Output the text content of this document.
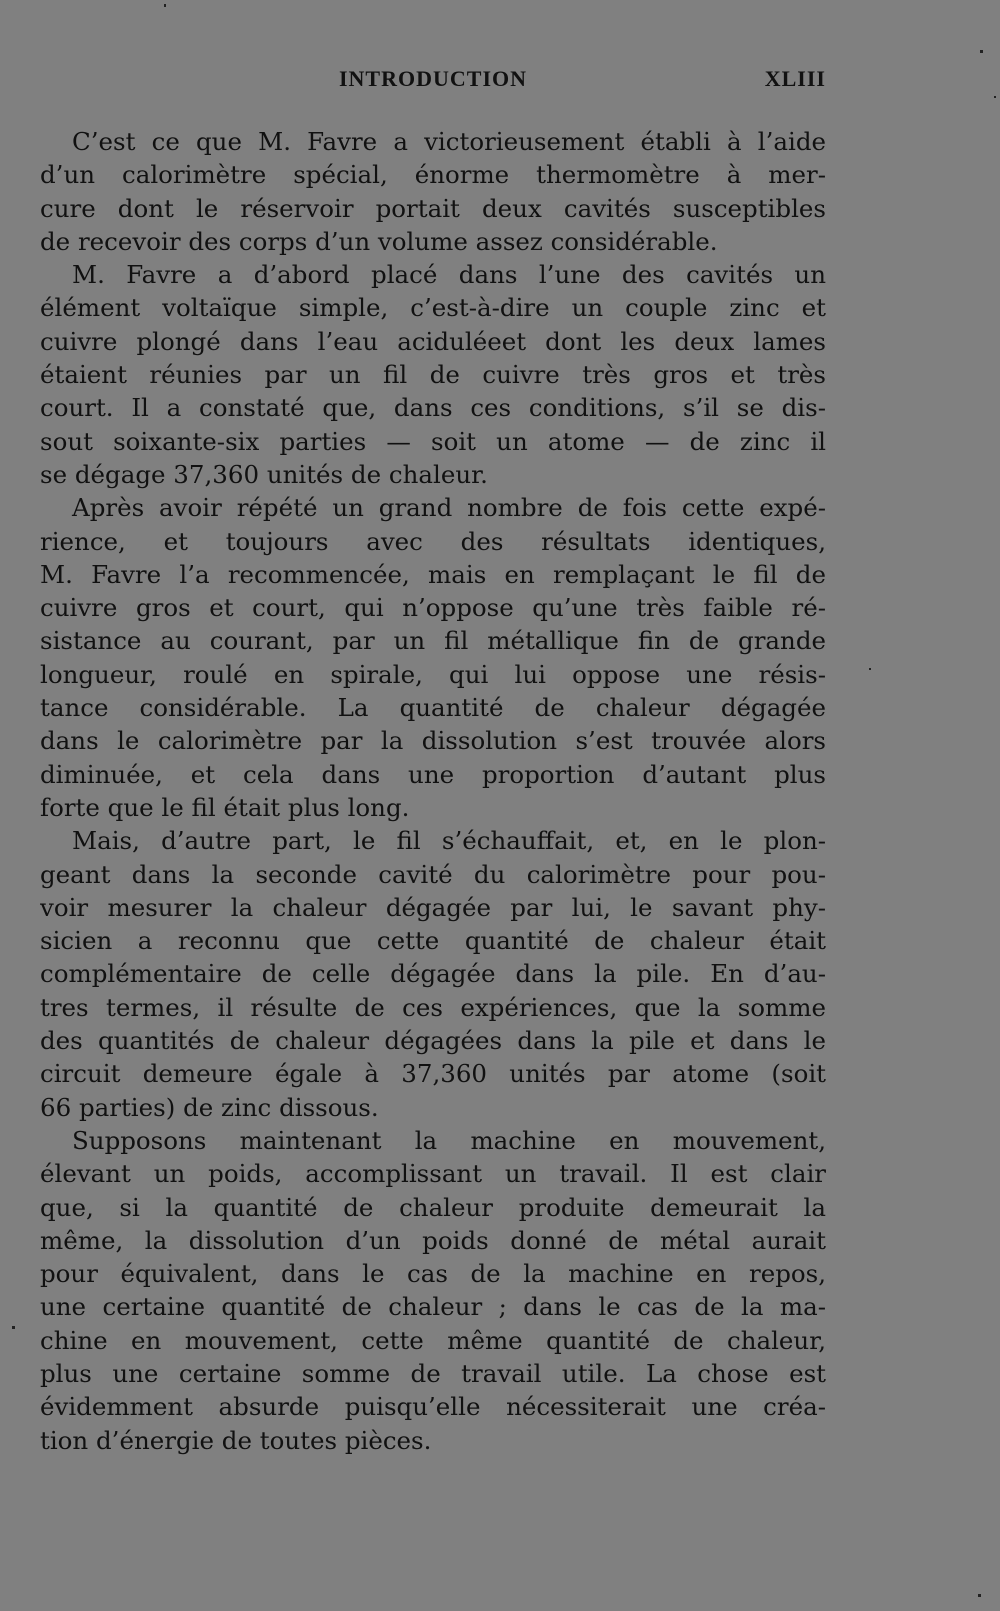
INTRODUCTION	XLIII
C’est ce que M. Favre a victorieusement établi à l’aide
d’un calorimètre spécial, énorme thermomètre à mer-
cure dont le réservoir portait deux cavités susceptibles
de recevoir des corps d’un volume assez considérable.
M. Favre a d’abord placé dans l’une des cavités un
élément voltaïque simple, c’est-à-dire un couple zinc et
cuivre plongé dans l’eau aciduléeet dont les deux lames
étaient réunies par un fil de cuivre très gros et très
court. Il a constaté que, dans ces conditions, s’il se dis-
sout soixante-six parties — soit un atome — de zinc il
se dégage 37,360 unités de chaleur.
Après avoir répété un grand nombre de fois cette expé-
rience, et toujours avec des résultats identiques,
M. Favre l’a recommencée, mais en remplaçant le fil de
cuivre gros et court, qui n’oppose qu’une très faible ré-
sistance au courant, par un fil métallique fin de grande
longueur, roulé en spirale, qui lui oppose une résis-
tance considérable. La quantité de chaleur dégagée
dans le calorimètre par la dissolution s’est trouvée alors
diminuée, et cela dans une proportion d’autant plus
forte que le fil était plus long.
Mais, d’autre part, le fil s’échauffait, et, en le plon-
geant dans la seconde cavité du calorimètre pour pou-
voir mesurer la chaleur dégagée par lui, le savant phy-
sicien a reconnu que cette quantité de chaleur était
complémentaire de celle dégagée dans la pile. En d’au-
tres termes, il résulte de ces expériences, que la somme
des quantités de chaleur dégagées dans la pile et dans le
circuit demeure égale à 37,360 unités par atome (soit
66 parties) de zinc dissous.
Supposons maintenant la machine en mouvement,
élevant un poids, accomplissant un travail. Il est clair
que, si la quantité de chaleur produite demeurait la
même, la dissolution d’un poids donné de métal aurait
pour équivalent, dans le cas de la machine en repos,
une certaine quantité de chaleur ; dans le cas de la ma-
chine en mouvement, cette même quantité de chaleur,
plus une certaine somme de travail utile. La chose est
évidemment absurde puisqu’elle nécessiterait une créa-
tion d’énergie de toutes pièces.
